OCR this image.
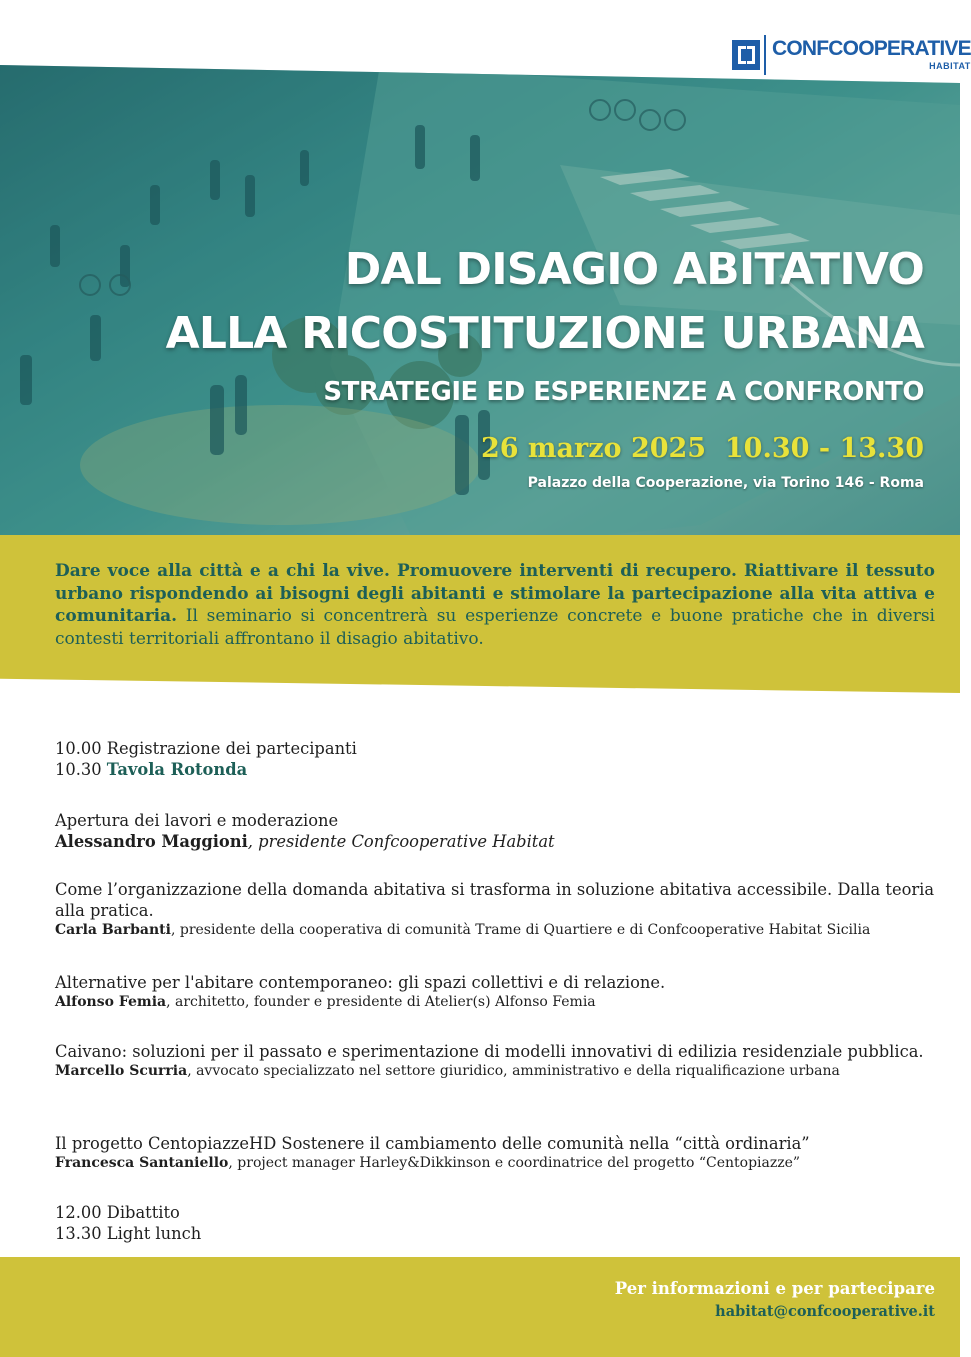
CONFCOOPERATIVE
HABITAT
DAL DISAGIO ABITATIVO
ALLA RICOSTITUZIONE URBANA
STRATEGIE ED ESPERIENZE A CONFRONTO
26 marzo 2025  10.30 - 13.30
Palazzo della Cooperazione, via Torino 146 - Roma
Dare voce alla città e a chi la vive. Promuovere interventi di recupero. Riattivare il tessuto urbano rispondendo ai bisogni degli abitanti e stimolare la partecipazione alla vita attiva e comunitaria. Il seminario si concentrerà su esperienze concrete e buone pratiche che in diversi contesti territoriali affrontano il disagio abitativo.
10.00 Registrazione dei partecipanti
10.30 Tavola Rotonda
Apertura dei lavori e moderazione
Alessandro Maggioni, presidente Confcooperative Habitat
Come l’organizzazione della domanda abitativa si trasforma in soluzione abitativa accessibile. Dalla teoria alla pratica.
Carla Barbanti, presidente della cooperativa di comunità Trame di Quartiere e di Confcooperative Habitat Sicilia
Alternative per l'abitare contemporaneo: gli spazi collettivi e di relazione.
Alfonso Femia, architetto, founder e presidente di Atelier(s) Alfonso Femia
Caivano: soluzioni per il passato e sperimentazione di modelli innovativi di edilizia residenziale pubblica.
Marcello Scurria, avvocato specializzato nel settore giuridico, amministrativo e della riqualificazione urbana
Il progetto CentopiazzeHD Sostenere il cambiamento delle comunità nella “città ordinaria”
Francesca Santaniello, project manager Harley&Dikkinson e coordinatrice del progetto “Centopiazze”
12.00 Dibattito
13.30 Light lunch
Per informazioni e per partecipare
habitat@confcooperative.it
